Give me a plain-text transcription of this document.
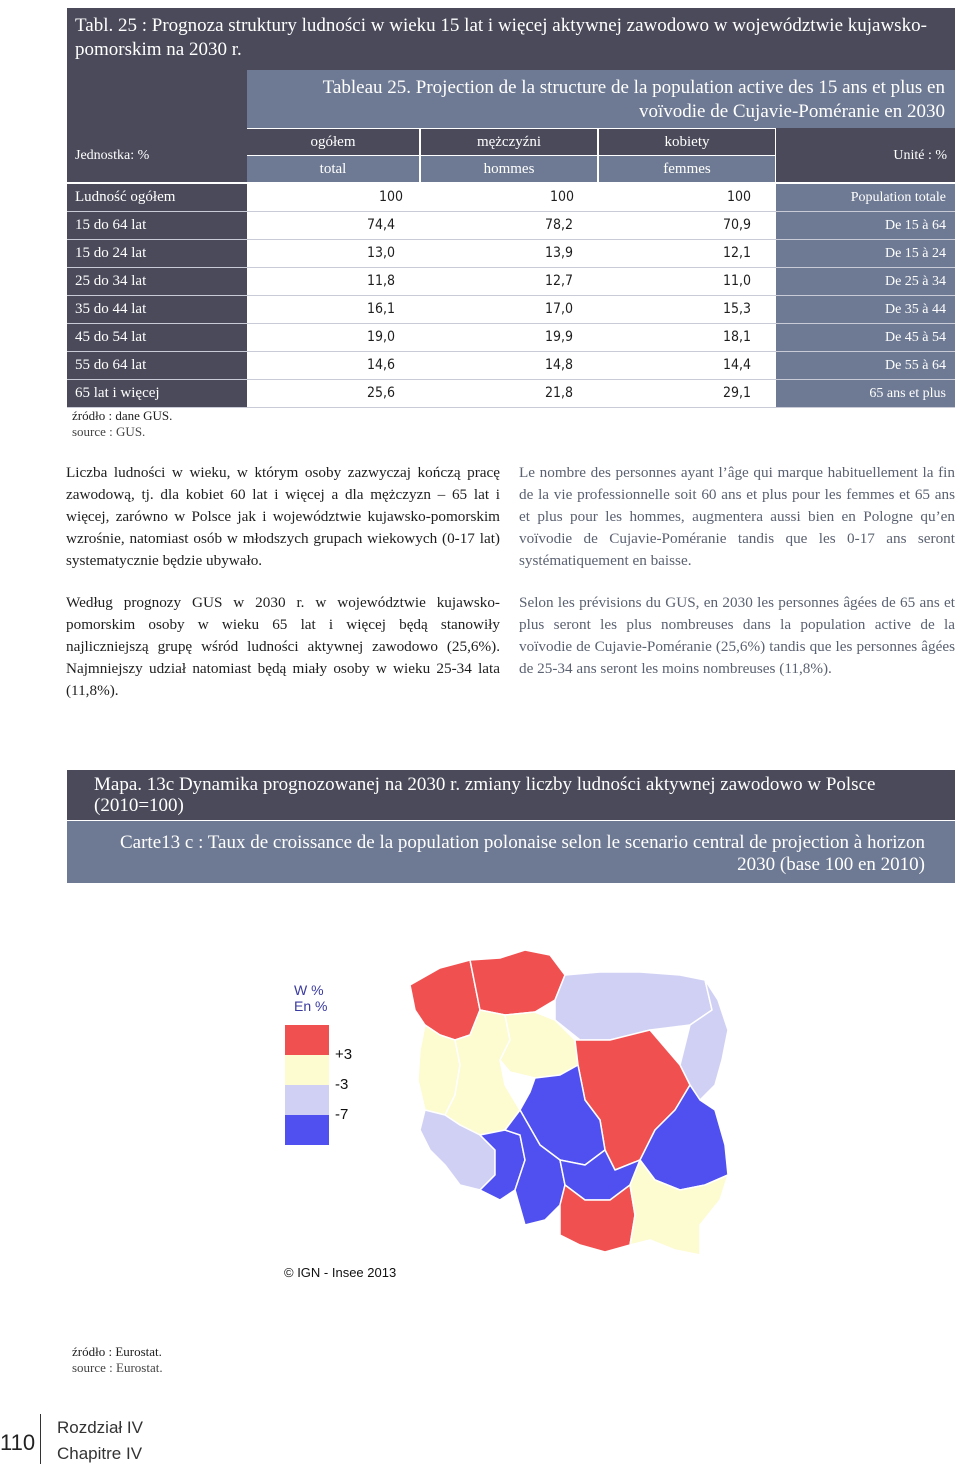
Tabl. 25 : Prognoza struktury ludności w wieku 15 lat i więcej aktywnej zawodowo w województwie kujawsko-pomorskim na 2030 r.
Tableau 25. Projection de la structure de la population active des 15 ans et plus en voïvodie de Cujavie-Poméranie en 2030
Jednostka: %	Unité : %
ogółem	mężczyźni	kobiety
total	hommes	femmes
Ludność ogółem	100	100	100	Population totale
15 do 64 lat	74,4	78,2	70,9	De 15 à 64
15 do 24 lat	13,0	13,9	12,1	De 15 à 24
25 do 34 lat	11,8	12,7	11,0	De 25 à 34
35 do 44 lat	16,1	17,0	15,3	De 35 à 44
45 do 54 lat	19,0	19,9	18,1	De 45 à 54
55 do 64 lat	14,6	14,8	14,4	De 55 à 64
65 lat i więcej	25,6	21,8	29,1	65 ans et plus
źródło : dane GUS.
source : GUS.
Liczba ludności w wieku, w którym osoby zazwyczaj kończą pracę zawodową, tj. dla kobiet 60 lat i więcej a dla mężczyzn – 65 lat i więcej, zarówno w Polsce jak i województwie kujawsko-pomorskim wzrośnie, natomiast osób w młodszych grupach wiekowych (0-17 lat) systematycznie będzie ubywało.
Według prognozy GUS w 2030 r. w województwie kujawsko-pomorskim osoby w wieku 65 lat i więcej będą stanowiły najliczniejszą grupę wśród ludności aktywnej zawodowo (25,6%). Najmniejszy udział natomiast będą miały osoby w wieku 25-34 lata (11,8%).
Le nombre des personnes ayant l’âge qui marque habituellement la fin de la vie professionnelle soit 60 ans et plus pour les femmes et 65 ans et plus pour les hommes, augmentera aussi bien en Pologne qu’en voïvodie de Cujavie-Poméranie tandis que les 0-17 ans seront systématiquement en baisse.
Selon les prévisions du GUS, en 2030 les personnes âgées de 65 ans et plus seront les plus nombreuses dans la population active de la voïvodie de Cujavie-Poméranie (25,6%) tandis que les personnes âgées de 25-34 ans seront les moins nombreuses (11,8%).
Mapa. 13c Dynamika prognozowanej na 2030 r. zmiany liczby ludności aktywnej zawodowo w Polsce (2010=100)
Carte13 c : Taux de croissance de la population polonaise selon le scenario central de projection à horizon 2030 (base 100 en 2010)
W %
En %
+3
-3
-7
© IGN - Insee 2013
źródło : Eurostat.
source : Eurostat.
110
Rozdział IV
Chapitre IV
